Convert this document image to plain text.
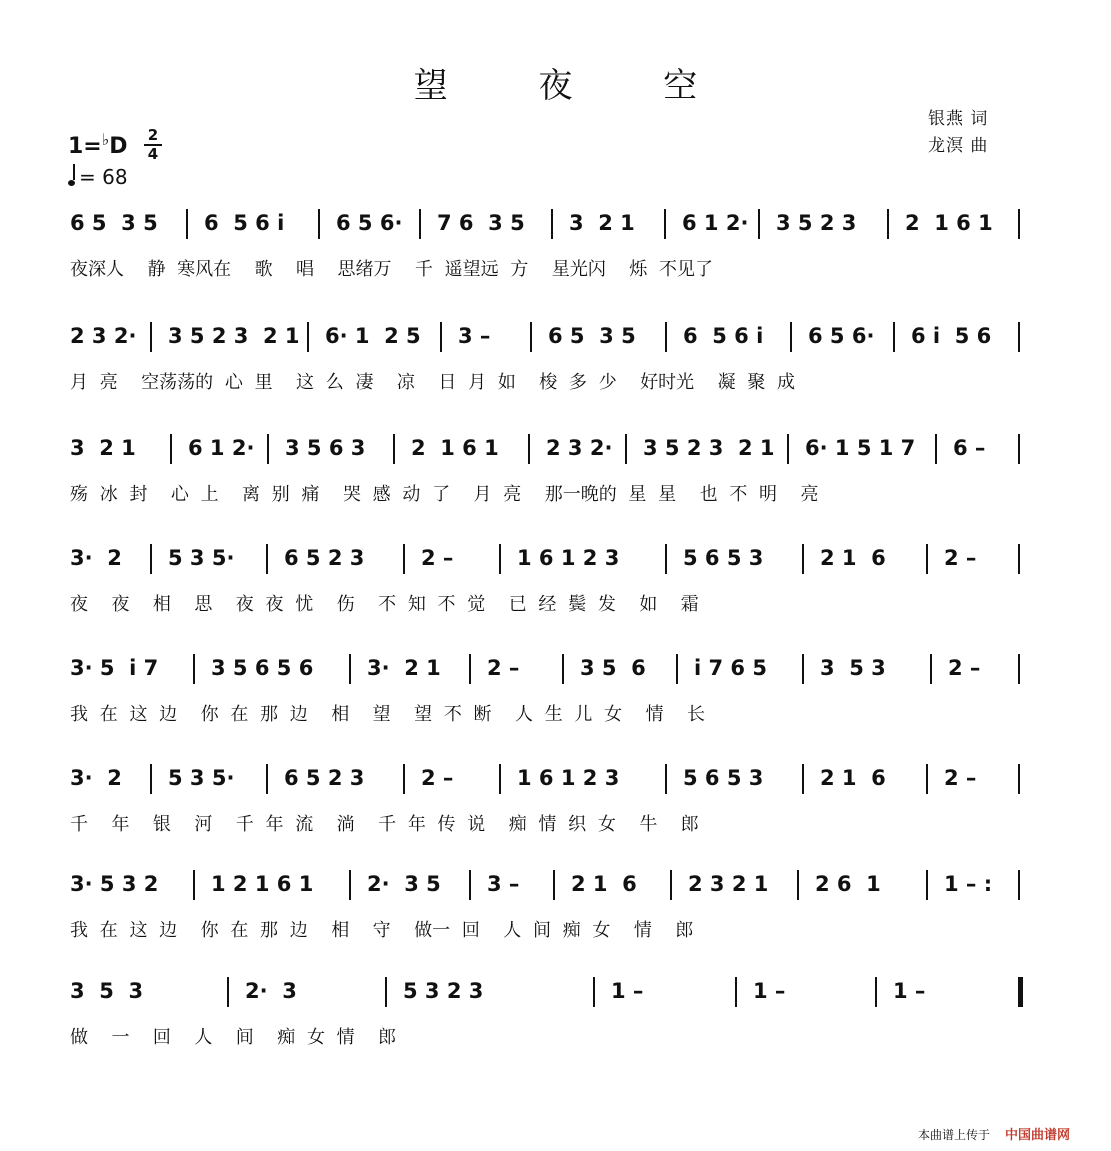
望 夜 空
银燕 词
龙溟 曲
1=♭D 2
4
= 68
6 5  3 5 6  5 6 i 6 5 6· 7 6  3 5 3  2 1 6 1 2· 3 5 2 3 2  1 6 1
夜深人  静 寒风在  歌  唱  思绪万  千 遥望远 方  星光闪  烁 不见了
2 3 2· 3 5 2 3  2 1 6· 1  2 5 3 –	6 5  3 5 6  5 6 i 6 5 6· 6 i  5 6
月 亮  空荡荡的 心 里  这 么 凄  凉  日 月 如  梭 多 少  好时光  凝 聚 成
3  2 1 6 1 2· 3 5 6 3 2  1 6 1 2 3 2· 3 5 2 3  2 1 6· 1 5 1 7 6 –
殇 冰 封  心 上  离 别 痛  哭 感 动 了  月 亮  那一晚的 星 星  也 不 明  亮
3·  2 5 3 5· 6 5 2 3	2 –	1 6 1 2 3	5 6 5 3	2 1  6	2 –
夜  夜  相  思  夜 夜 忧  伤  不 知 不 觉  已 经 鬓 发  如  霜
3· 5  i 7	3 5 6 5 6	3·  2 1 2 –	3 5  6 i 7 6 5	3  5 3	2 –
我 在 这 边  你 在 那 边  相  望  望 不 断  人 生 儿 女  情  长
3·  2 5 3 5· 6 5 2 3	2 –	1 6 1 2 3	5 6 5 3	2 1  6	2 –
千  年  银  河  千 年 流  淌  千 年 传 说  痴 情 织 女  牛  郎
3· 5 3 2	1 2 1 6 1	2·  3 5 3 – 2 1  6 2 3 2 1 2 6  1	1 – :
我 在 这 边  你 在 那 边  相  守  做一 回  人 间 痴 女  情  郎
3  5  3	2·  3	5 3 2 3	1 –	1 –	1 –
做  一  回  人  间  痴 女 情  郎
本曲谱上传于 中国曲谱网
